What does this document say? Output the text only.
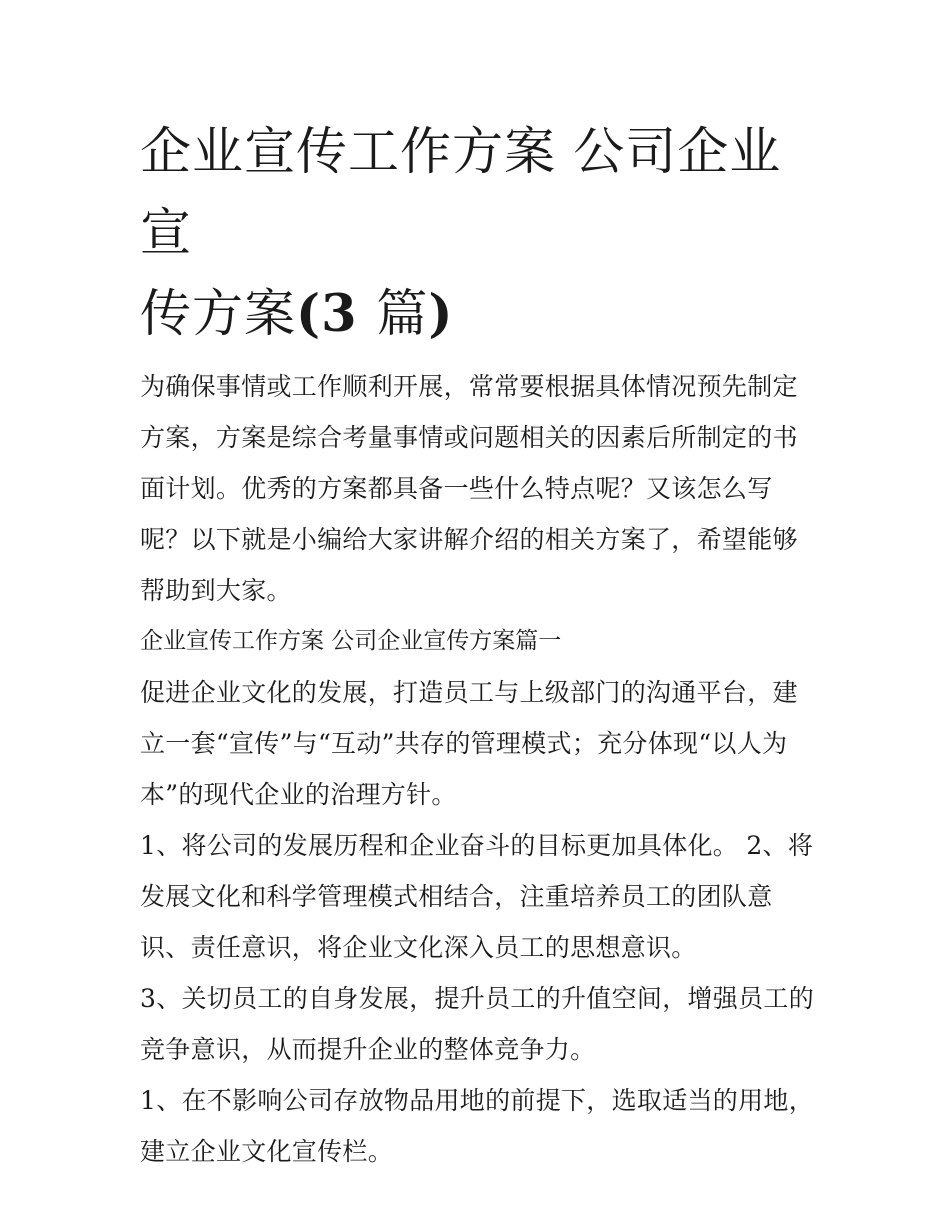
企业宣传工作方案 公司企业宣
传方案(3 篇)

为确保事情或工作顺利开展，常常要根据具体情况预先制定方案，方案是综合考量事情或问题相关的因素后所制定的书面计划。优秀的方案都具备一些什么特点呢？又该怎么写呢？以下就是小编给大家讲解介绍的相关方案了，希望能够帮助到大家。

企业宣传工作方案 公司企业宣传方案篇一

促进企业文化的发展，打造员工与上级部门的沟通平台，建立一套“宣传”与“互动”共存的管理模式；充分体现“以人为本”的现代企业的治理方针。

1、将公司的发展历程和企业奋斗的目标更加具体化。 2、将发展文化和科学管理模式相结合，注重培养员工的团队意识、责任意识，将企业文化深入员工的思想意识。

3、关切员工的自身发展，提升员工的升值空间，增强员工的竞争意识，从而提升企业的整体竞争力。

1、在不影响公司存放物品用地的前提下，选取适当的用地，建立企业文化宣传栏。
